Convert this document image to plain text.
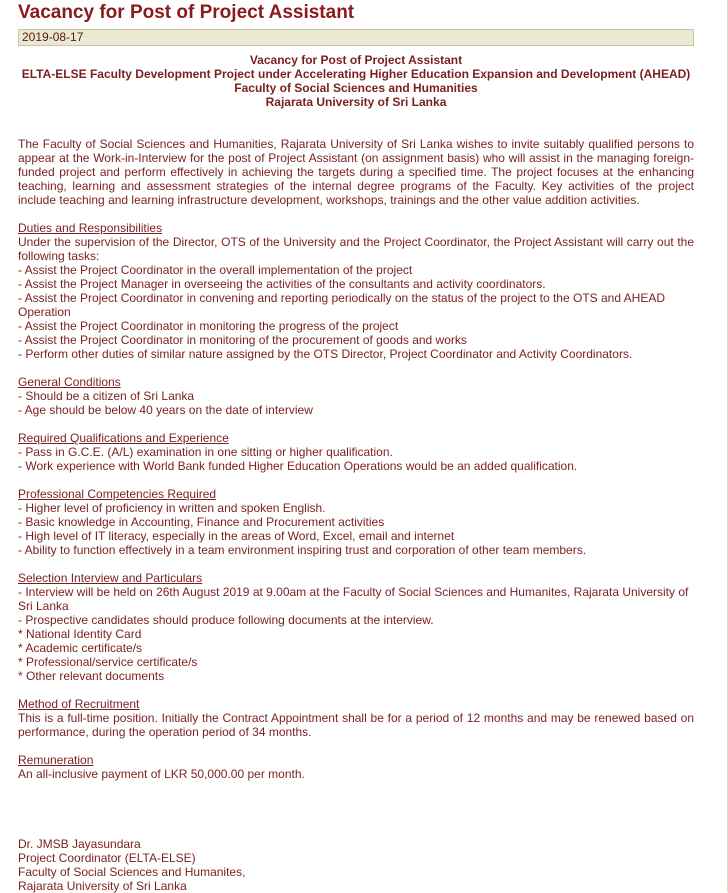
Vacancy for Post of Project Assistant
2019-08-17
Vacancy for Post of Project Assistant
ELTA-ELSE Faculty Development Project under Accelerating Higher Education Expansion and Development (AHEAD)
Faculty of Social Sciences and Humanities
Rajarata University of Sri Lanka
The Faculty of Social Sciences and Humanities, Rajarata University of Sri Lanka wishes to invite suitably qualified persons to appear at the Work-in-Interview for the post of Project Assistant (on assignment basis) who will assist in the managing foreign-funded project and perform effectively in achieving the targets during a specified time. The project focuses at the enhancing teaching, learning and assessment strategies of the internal degree programs of the Faculty. Key activities of the project include teaching and learning infrastructure development, workshops, trainings and the other value addition activities.
Duties and Responsibilities
Under the supervision of the Director, OTS of the University and the Project Coordinator, the Project Assistant will carry out the following tasks:
- Assist the Project Coordinator in the overall implementation of the project
- Assist the Project Manager in overseeing the activities of the consultants and activity coordinators.
- Assist the Project Coordinator in convening and reporting periodically on the status of the project to the OTS and AHEAD Operation
- Assist the Project Coordinator in monitoring the progress of the project
- Assist the Project Coordinator in monitoring of the procurement of goods and works
- Perform other duties of similar nature assigned by the OTS Director, Project Coordinator and Activity Coordinators.
General Conditions
- Should be a citizen of Sri Lanka
- Age should be below 40 years on the date of interview
Required Qualifications and Experience
- Pass in G.C.E. (A/L) examination in one sitting or higher qualification.
- Work experience with World Bank funded Higher Education Operations would be an added qualification.
Professional Competencies Required
- Higher level of proficiency in written and spoken English.
- Basic knowledge in Accounting, Finance and Procurement activities
- High level of IT literacy, especially in the areas of Word, Excel, email and internet
- Ability to function effectively in a team environment inspiring trust and corporation of other team members.
Selection Interview and Particulars
- Interview will be held on 26th August 2019 at 9.00am at the Faculty of Social Sciences and Humanites, Rajarata University of Sri Lanka
- Prospective candidates should produce following documents at the interview.
* National Identity Card
* Academic certificate/s
* Professional/service certificate/s
* Other relevant documents
Method of Recruitment
This is a full-time position. Initially the Contract Appointment shall be for a period of 12 months and may be renewed based on performance, during the operation period of 34 months.
Remuneration
An all-inclusive payment of LKR 50,000.00 per month.
Dr. JMSB Jayasundara
Project Coordinator (ELTA-ELSE)
Faculty of Social Sciences and Humanites,
Rajarata University of Sri Lanka
